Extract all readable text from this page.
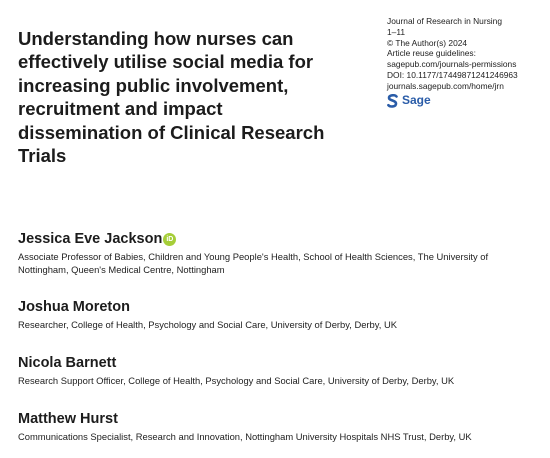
Understanding how nurses can
effectively utilise social media for
increasing public involvement,
recruitment and impact
dissemination of Clinical Research
Trials
Journal of Research in Nursing
1–11
© The Author(s) 2024
Article reuse guidelines:
sagepub.com/journals-permissions
DOI: 10.1177/17449871241246963
journals.sagepub.com/home/jrn
Sage
Jessica Eve Jackson iD
Associate Professor of Babies, Children and Young People's Health, School of Health Sciences, The University of Nottingham, Queen's Medical Centre, Nottingham
Joshua Moreton
Researcher, College of Health, Psychology and Social Care, University of Derby, Derby, UK
Nicola Barnett
Research Support Officer, College of Health, Psychology and Social Care, University of Derby, Derby, UK
Matthew Hurst
Communications Specialist, Research and Innovation, Nottingham University Hospitals NHS Trust, Derby, UK
